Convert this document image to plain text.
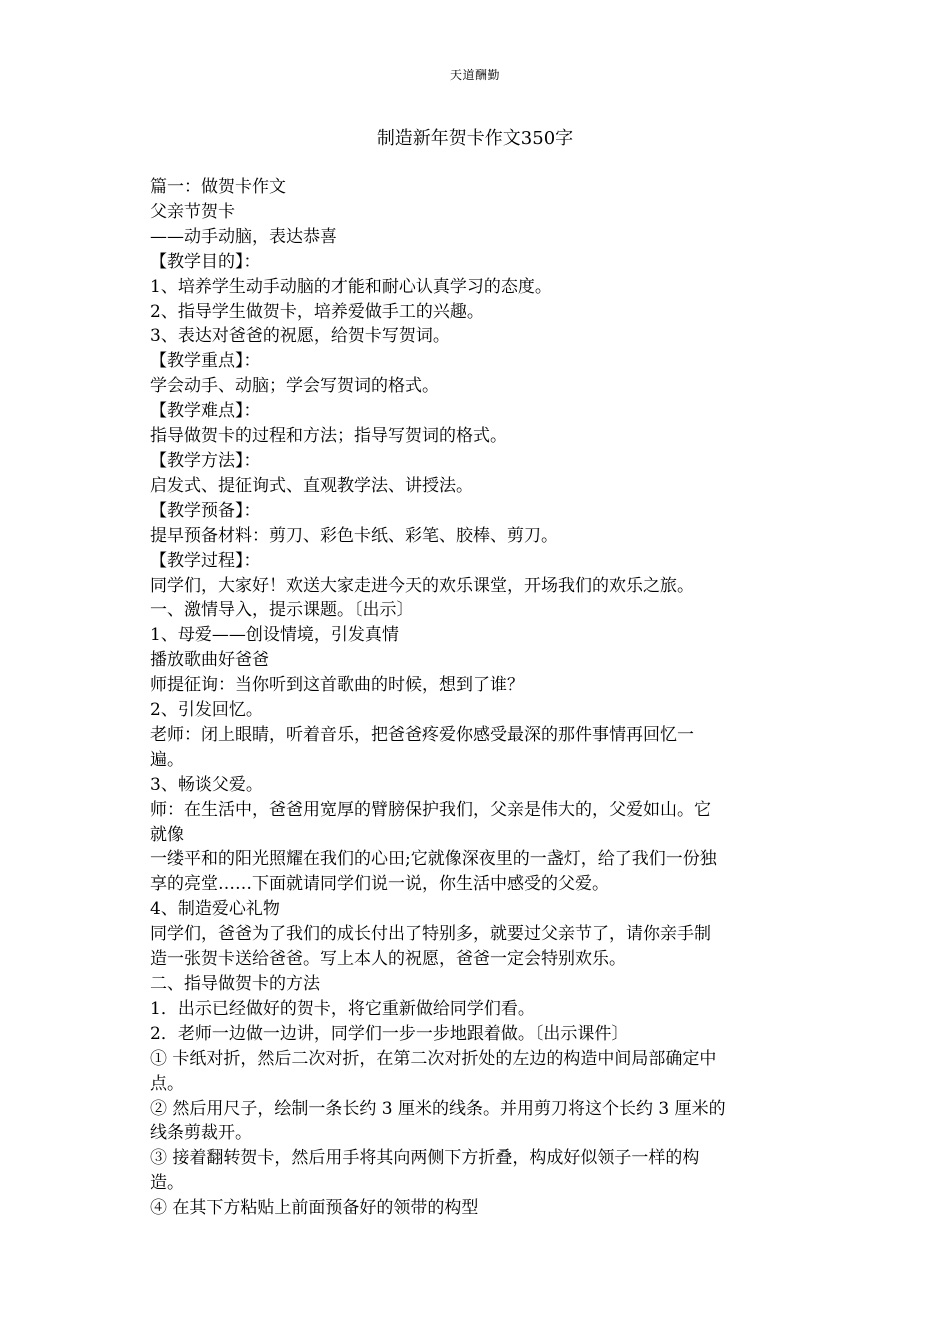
天道酬勤
制造新年贺卡作文350字
篇一：做贺卡作文
父亲节贺卡
——动手动脑，表达恭喜
【教学目的】：
1、培养学生动手动脑的才能和耐心认真学习的态度。
2、指导学生做贺卡，培养爱做手工的兴趣。
3、表达对爸爸的祝愿，给贺卡写贺词。
【教学重点】：
学会动手、动脑；学会写贺词的格式。
【教学难点】：
指导做贺卡的过程和方法；指导写贺词的格式。
【教学方法】：
启发式、提征询式、直观教学法、讲授法。
【教学预备】：
提早预备材料：剪刀、彩色卡纸、彩笔、胶棒、剪刀。
【教学过程】：
同学们，大家好！欢送大家走进今天的欢乐课堂，开场我们的欢乐之旅。
一、激情导入，提示课题。〔出示〕
1、母爱——创设情境，引发真情
播放歌曲好爸爸
师提征询：当你听到这首歌曲的时候，想到了谁？
2、引发回忆。
老师：闭上眼睛，听着音乐，把爸爸疼爱你感受最深的那件事情再回忆一
遍。
3、畅谈父爱。
师：在生活中，爸爸用宽厚的臂膀保护我们，父亲是伟大的，父爱如山。它
就像
一缕平和的阳光照耀在我们的心田;它就像深夜里的一盏灯，给了我们一份独
享的亮堂……下面就请同学们说一说，你生活中感受的父爱。
4、制造爱心礼物
同学们，爸爸为了我们的成长付出了特别多，就要过父亲节了，请你亲手制
造一张贺卡送给爸爸。写上本人的祝愿，爸爸一定会特别欢乐。
二、指导做贺卡的方法
1．出示已经做好的贺卡，将它重新做给同学们看。
2．老师一边做一边讲，同学们一步一步地跟着做。〔出示课件〕
① 卡纸对折，然后二次对折，在第二次对折处的左边的构造中间局部确定中
点。
② 然后用尺子，绘制一条长约 3 厘米的线条。并用剪刀将这个长约 3 厘米的
线条剪裁开。
③ 接着翻转贺卡，然后用手将其向两侧下方折叠，构成好似领子一样的构
造。
④ 在其下方粘贴上前面预备好的领带的构型
